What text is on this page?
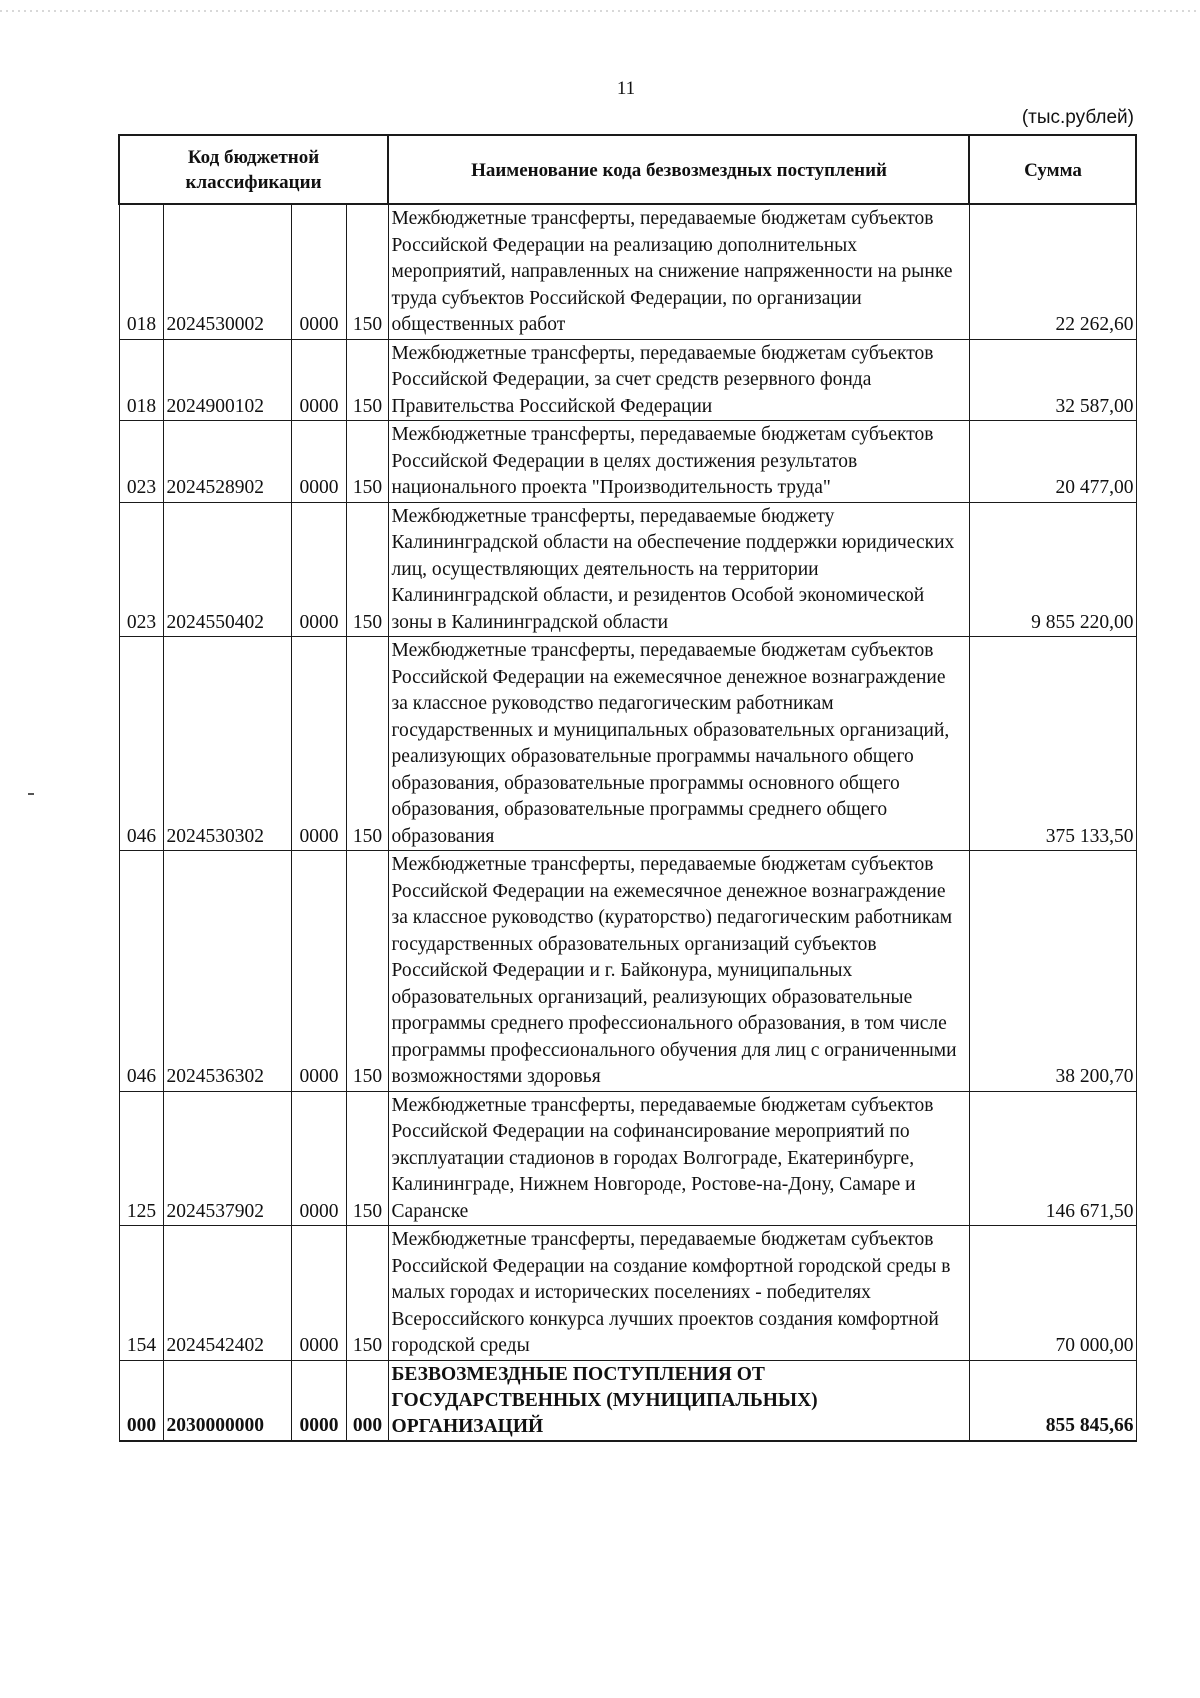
11
(тыс.рублей)
Код бюджетной классификации				Наименование кода безвозмездных поступлений	Сумма
018	2024530002	0000	150	Межбюджетные трансферты, передаваемые бюджетам субъектов Российской Федерации на реализацию дополнительных мероприятий, направленных на снижение напряженности на рынке труда субъектов Российской Федерации, по организации общественных работ	22 262,60
018	2024900102	0000	150	Межбюджетные трансферты, передаваемые бюджетам субъектов Российской Федерации, за счет средств резервного фонда Правительства Российской Федерации	32 587,00
023	2024528902	0000	150	Межбюджетные трансферты, передаваемые бюджетам субъектов Российской Федерации в целях достижения результатов национального проекта "Производительность труда"	20 477,00
023	2024550402	0000	150	Межбюджетные трансферты, передаваемые бюджету Калининградской области на обеспечение поддержки юридических лиц, осуществляющих деятельность на территории Калининградской области, и резидентов Особой экономической зоны в Калининградской области	9 855 220,00
046	2024530302	0000	150	Межбюджетные трансферты, передаваемые бюджетам субъектов Российской Федерации на ежемесячное денежное вознаграждение за классное руководство педагогическим работникам государственных и муниципальных образовательных организаций, реализующих образовательные программы начального общего образования, образовательные программы основного общего образования, образовательные программы среднего общего образования	375 133,50
046	2024536302	0000	150	Межбюджетные трансферты, передаваемые бюджетам субъектов Российской Федерации на ежемесячное денежное вознаграждение за классное руководство (кураторство) педагогическим работникам государственных образовательных организаций субъектов Российской Федерации и г. Байконура, муниципальных образовательных организаций, реализующих образовательные программы среднего профессионального образования, в том числе программы профессионального обучения для лиц с ограниченными возможностями здоровья	38 200,70
125	2024537902	0000	150	Межбюджетные трансферты, передаваемые бюджетам субъектов Российской Федерации на софинансирование мероприятий по эксплуатации стадионов в городах Волгограде, Екатеринбурге, Калининграде, Нижнем Новгороде, Ростове-на-Дону, Самаре и Саранске	146 671,50
154	2024542402	0000	150	Межбюджетные трансферты, передаваемые бюджетам субъектов Российской Федерации на создание комфортной городской среды в малых городах и исторических поселениях - победителях Всероссийского конкурса лучших проектов создания комфортной городской среды	70 000,00
000	2030000000	0000	000	БЕЗВОЗМЕЗДНЫЕ ПОСТУПЛЕНИЯ ОТ ГОСУДАРСТВЕННЫХ (МУНИЦИПАЛЬНЫХ) ОРГАНИЗАЦИЙ	855 845,66
